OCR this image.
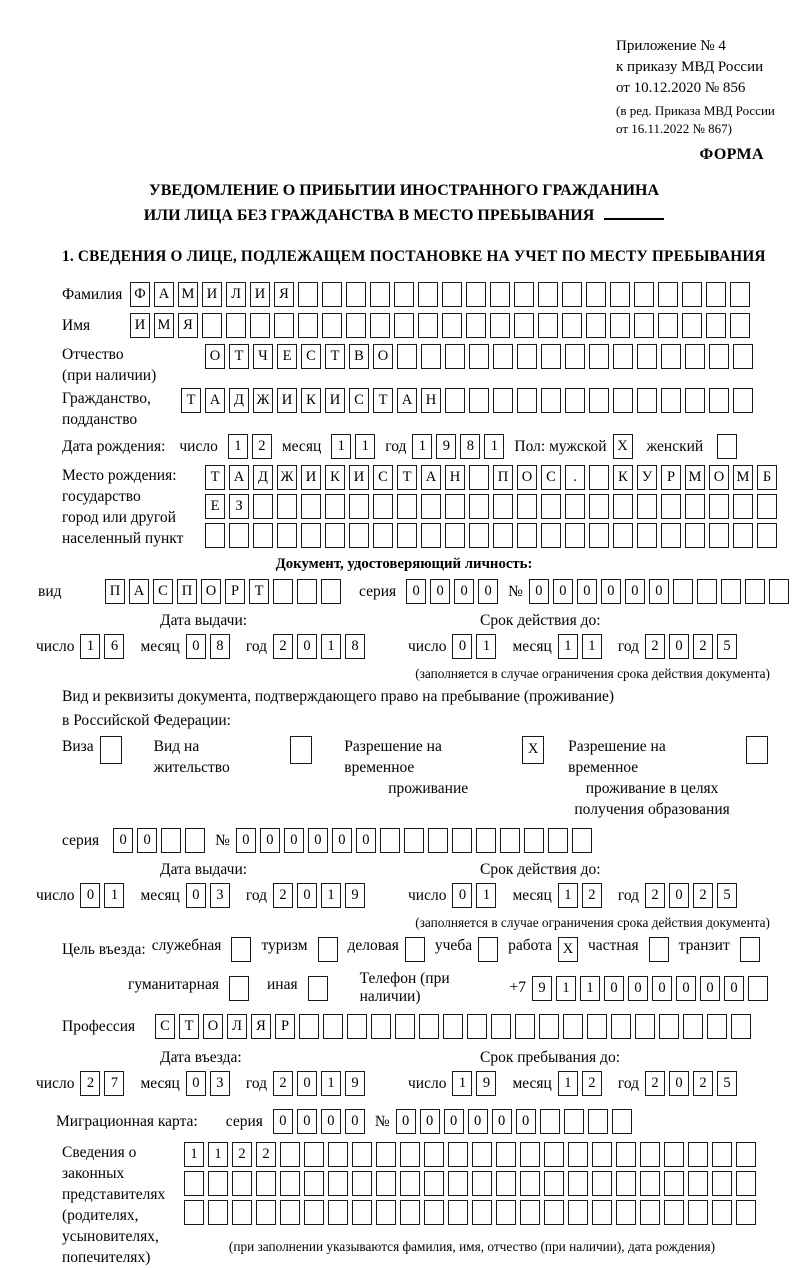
Приложение № 4
к приказу МВД России
от 10.12.2020 № 856
(в ред. Приказа МВД России
от 16.11.2022 № 867)
ФОРМА
УВЕДОМЛЕНИЕ О ПРИБЫТИИ ИНОСТРАННОГО ГРАЖДАНИНА
ИЛИ ЛИЦА БЕЗ ГРАЖДАНСТВА В МЕСТО ПРЕБЫВАНИЯ
1. СВЕДЕНИЯ О ЛИЦЕ, ПОДЛЕЖАЩЕМ ПОСТАНОВКЕ НА УЧЕТ ПО МЕСТУ ПРЕБЫВАНИЯ
Фамилия Ф А М И Л И Я
Имя	И М Я
Отчество
(при наличии)
О Т	Ч	Е	С	Т	В О
Гражданство,
подданство
Т А Д Ж И К И С	Т А Н
Дата рождения: число	1	2	месяц	1	1	год 1	9	8	1	Пол: мужской X	женский
Место рождения:
государство
город или другой
населенный пункт
Т А Д Ж И К И С	Т А Н	П О С	.	К У	Р М О М Б
Е	З
Документ, удостоверяющий личность:
вид	П А С П О	Р	Т	серия	0	0	0	0	№ 0	0	0	0	0	0
Дата выдачи:	Срок действия до:
число 1	6	месяц 0	8	год 2	0	1	8	число 0	1	месяц 1	1	год 2	0	2	5
(заполняется в случае ограничения срока действия документа)
Вид и реквизиты документа, подтверждающего право на пребывание (проживание)
в Российской Федерации:
Виза	Вид на жительство
Разрешение на временное
проживание
X	Разрешение на временное
проживание в целях
получения образования
серия	0	0	№ 0	0	0	0	0	0
Дата выдачи:	Срок действия до:
число 0	1	месяц 0	3	год 2	0	1	9	число 0	1	месяц 1	2	год 2	0	2	5
(заполняется в случае ограничения срока действия документа)
Цель въезда: служебная	туризм	деловая учеба работа X частная	транзит
гуманитарная	иная	Телефон (при наличии)
+7 9	1	1	0	0	0	0	0	0
Профессия	С	Т О Л Я	Р
Дата въезда:	Срок пребывания до:
число 2	7	месяц 0	3	год 2	0	1	9	число 1	9	месяц 1	2	год 2	0	2	5
Миграционная карта: серия	0	0	0	0	№ 0	0	0	0	0	0
Сведения о
законных
представителях
(родителях,
усыновителях,
попечителях)
1	1	2	2
(при заполнении указываются фамилия, имя, отчество (при наличии), дата рождения)
